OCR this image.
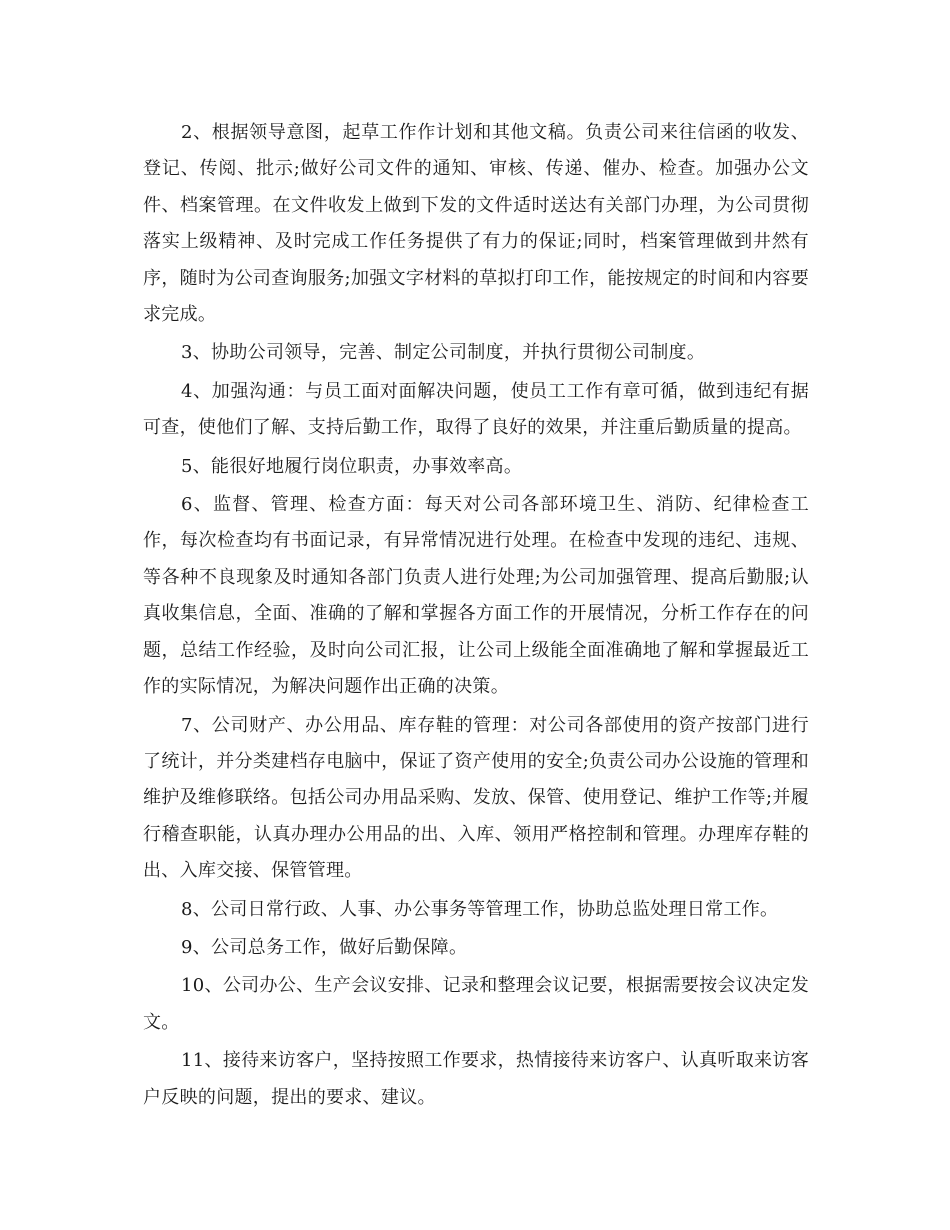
2、根据领导意图，起草工作作计划和其他文稿。负责公司来往信函的收发、登记、传阅、批示;做好公司文件的通知、审核、传递、催办、检查。加强办公文件、档案管理。在文件收发上做到下发的文件适时送达有关部门办理，为公司贯彻落实上级精神、及时完成工作任务提供了有力的保证;同时，档案管理做到井然有序，随时为公司查询服务;加强文字材料的草拟打印工作，能按规定的时间和内容要求完成。

3、协助公司领导，完善、制定公司制度，并执行贯彻公司制度。

4、加强沟通：与员工面对面解决问题，使员工工作有章可循，做到违纪有据可查，使他们了解、支持后勤工作，取得了良好的效果，并注重后勤质量的提高。

5、能很好地履行岗位职责，办事效率高。

6、监督、管理、检查方面：每天对公司各部环境卫生、消防、纪律检查工作，每次检查均有书面记录，有异常情况进行处理。在检查中发现的违纪、违规、等各种不良现象及时通知各部门负责人进行处理;为公司加强管理、提高后勤服;认真收集信息，全面、准确的了解和掌握各方面工作的开展情况，分析工作存在的问题，总结工作经验，及时向公司汇报，让公司上级能全面准确地了解和掌握最近工作的实际情况，为解决问题作出正确的决策。

7、公司财产、办公用品、库存鞋的管理：对公司各部使用的资产按部门进行了统计，并分类建档存电脑中，保证了资产使用的安全;负责公司办公设施的管理和维护及维修联络。包括公司办用品采购、发放、保管、使用登记、维护工作等;并履行稽查职能，认真办理办公用品的出、入库、领用严格控制和管理。办理库存鞋的出、入库交接、保管管理。

8、公司日常行政、人事、办公事务等管理工作，协助总监处理日常工作。

9、公司总务工作，做好后勤保障。

10、公司办公、生产会议安排、记录和整理会议记要，根据需要按会议决定发文。

11、接待来访客户，坚持按照工作要求，热情接待来访客户、认真听取来访客户反映的问题，提出的要求、建议。
